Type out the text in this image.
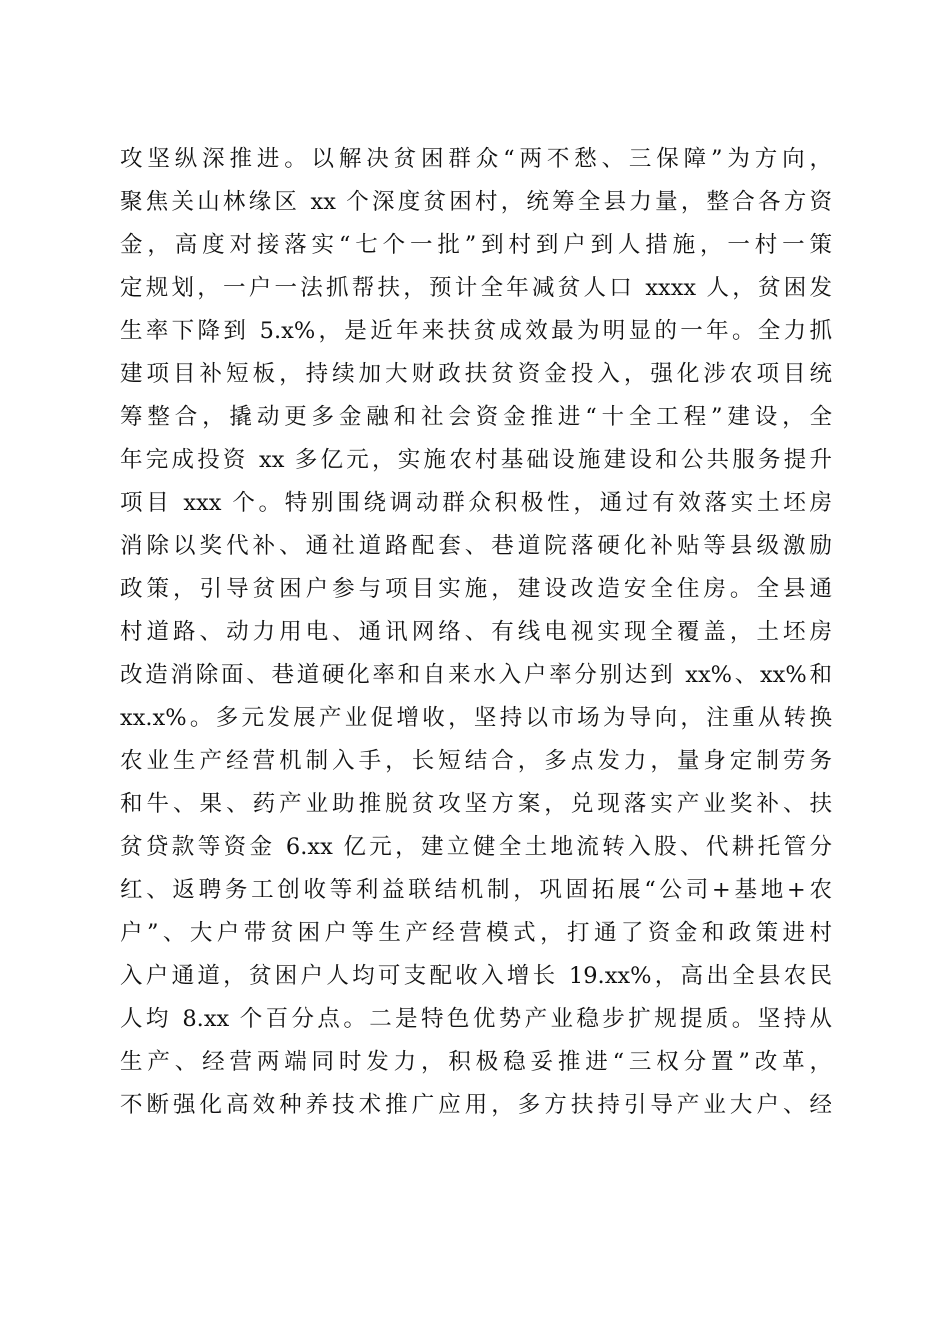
攻坚纵深推进。以解决贫困群众“两不愁、三保障”为方向，
聚焦关山林缘区 xx 个深度贫困村，统筹全县力量，整合各方资
金，高度对接落实“七个一批”到村到户到人措施，一村一策
定规划，一户一法抓帮扶，预计全年减贫人口 xxxx 人，贫困发
生率下降到 5.x%，是近年来扶贫成效最为明显的一年。全力抓
建项目补短板，持续加大财政扶贫资金投入，强化涉农项目统
筹整合，撬动更多金融和社会资金推进“十全工程”建设，全
年完成投资 xx 多亿元，实施农村基础设施建设和公共服务提升
项目 xxx 个。特别围绕调动群众积极性，通过有效落实土坯房
消除以奖代补、通社道路配套、巷道院落硬化补贴等县级激励
政策，引导贫困户参与项目实施，建设改造安全住房。全县通
村道路、动力用电、通讯网络、有线电视实现全覆盖，土坯房
改造消除面、巷道硬化率和自来水入户率分别达到 xx%、xx%和
xx.x%。多元发展产业促增收，坚持以市场为导向，注重从转换
农业生产经营机制入手，长短结合，多点发力，量身定制劳务
和牛、果、药产业助推脱贫攻坚方案，兑现落实产业奖补、扶
贫贷款等资金 6.xx 亿元，建立健全土地流转入股、代耕托管分
红、返聘务工创收等利益联结机制，巩固拓展“公司+基地+农
户”、大户带贫困户等生产经营模式，打通了资金和政策进村
入户通道，贫困户人均可支配收入增长 19.xx%，高出全县农民
人均 8.xx 个百分点。二是特色优势产业稳步扩规提质。坚持从
生产、经营两端同时发力，积极稳妥推进“三权分置”改革，
不断强化高效种养技术推广应用，多方扶持引导产业大户、经
